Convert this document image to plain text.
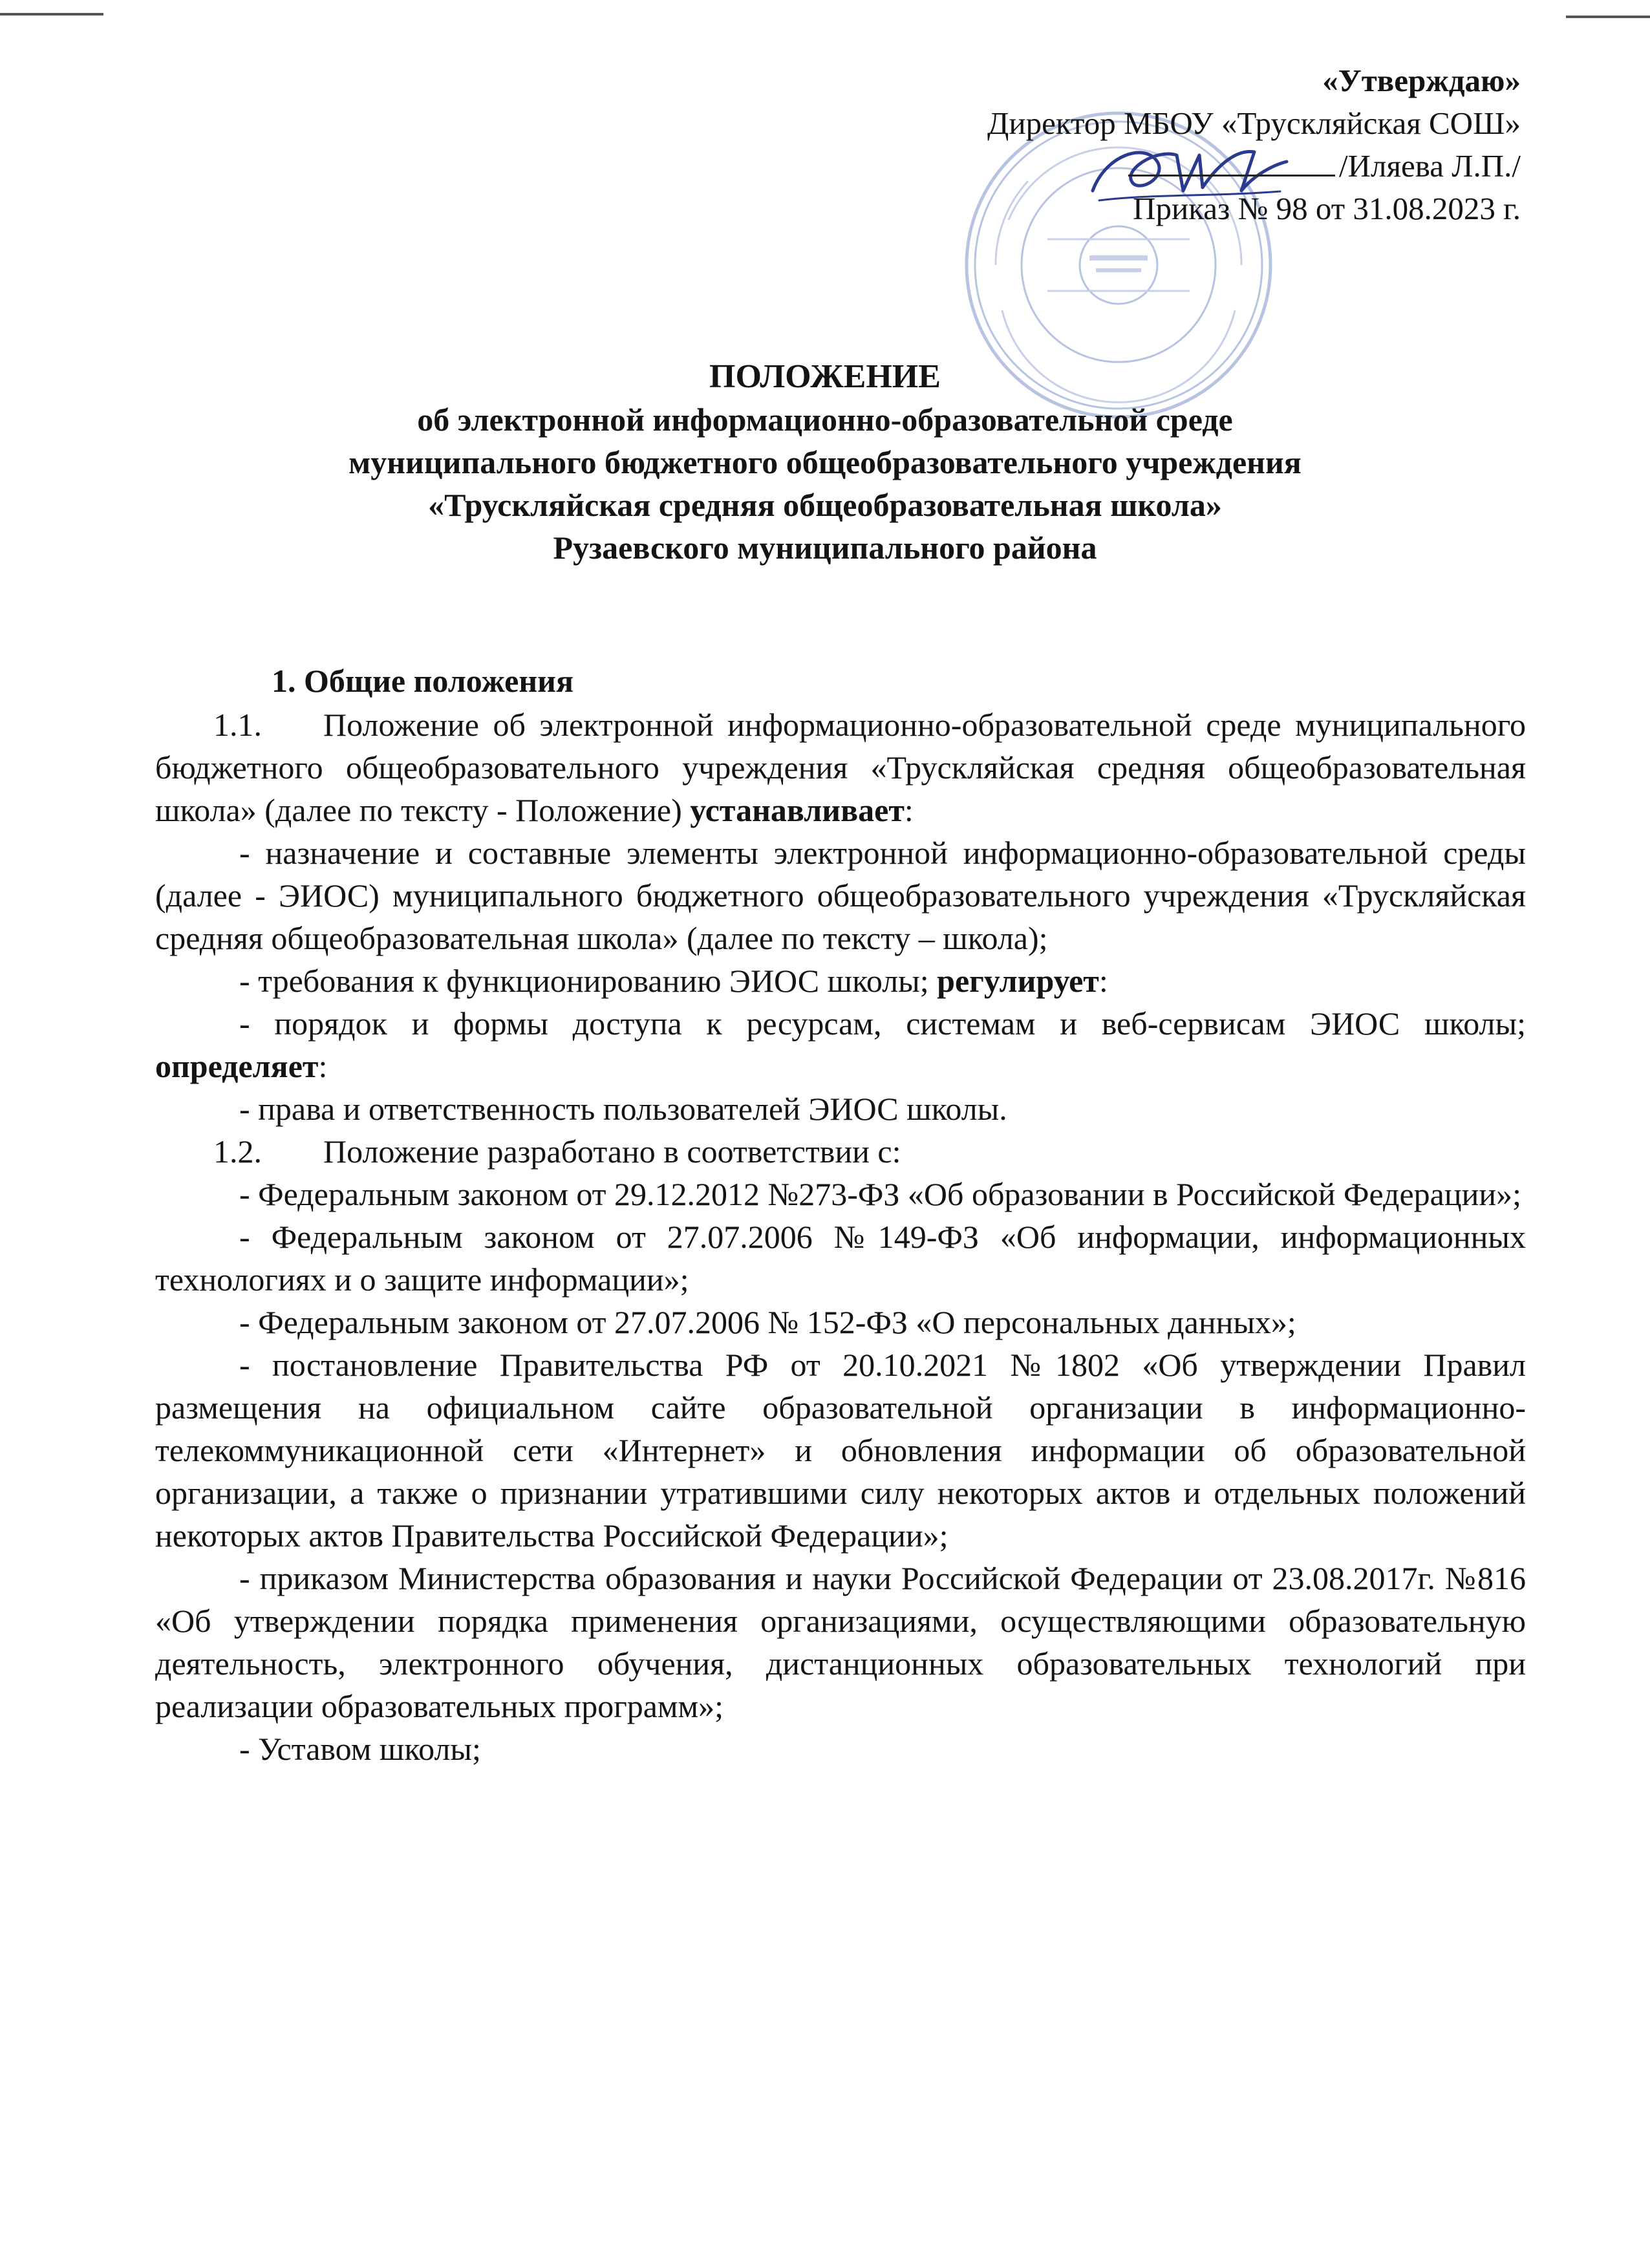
«Утверждаю»
Директор МБОУ «Трускляйская СОШ»
/Иляева Л.П./
Приказ № 98 от 31.08.2023 г.
ПОЛОЖЕНИЕ
об электронной информационно-образовательной среде
муниципального бюджетного общеобразовательного учреждения
«Трускляйская средняя общеобразовательная школа»
Рузаевского муниципального района
1. Общие положения

1.1. Положение об электронной информационно-образовательной среде муниципального бюджетного общеобразовательного учреждения «Трускляйская средняя общеобразовательная школа» (далее по тексту - Положение) устанавливает:

- назначение и составные элементы электронной информационно-образовательной среды (далее - ЭИОС) муниципального бюджетного общеобразовательного учреждения «Трускляйская средняя общеобразовательная школа» (далее по тексту – школа);

- требования к функционированию ЭИОС школы; регулирует:

- порядок и формы доступа к ресурсам, системам и веб-сервисам ЭИОС школы; определяет:

- права и ответственность пользователей ЭИОС школы.

1.2. Положение разработано в соответствии с:

- Федеральным законом от 29.12.2012 №273-ФЗ «Об образовании в Российской Федерации»;

- Федеральным законом от 27.07.2006 №149-ФЗ «Об информации, информационных технологиях и о защите информации»;

- Федеральным законом от 27.07.2006 № 152-ФЗ «О персональных данных»;

- постановление Правительства РФ от 20.10.2021 №1802 «Об утверждении Правил размещения на официальном сайте образовательной организации в информационно-телекоммуникационной сети «Интернет» и обновления информации об образовательной организации, а также о признании утратившими силу некоторых актов и отдельных положений некоторых актов Правительства Российской Федерации»;

- приказом Министерства образования и науки Российской Федерации от 23.08.2017г. №816 «Об утверждении порядка применения организациями, осуществляющими образовательную деятельность, электронного обучения, дистанционных образовательных технологий при реализации образовательных программ»;

- Уставом школы;
